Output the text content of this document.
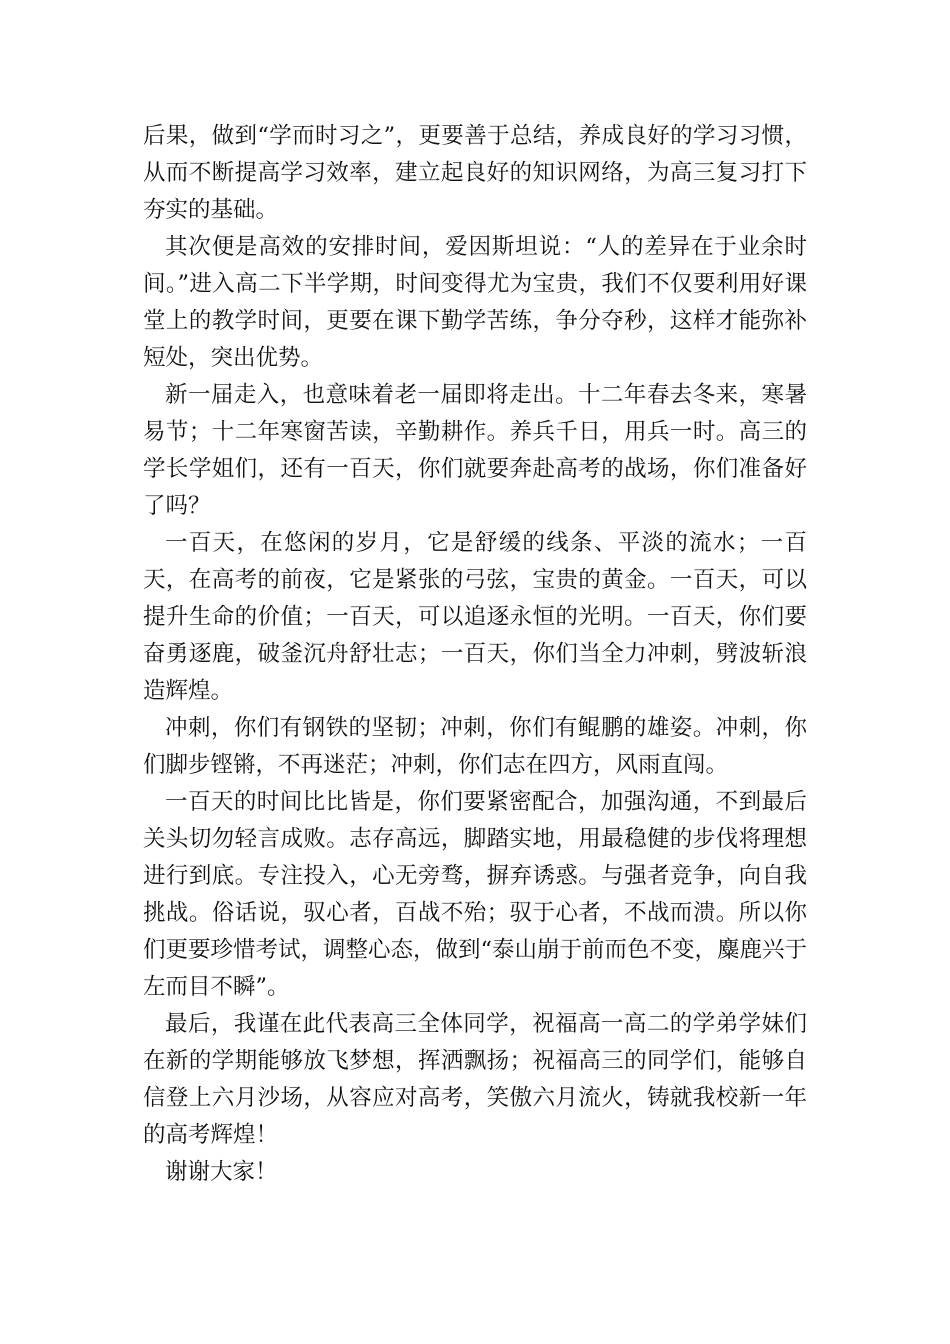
后果，做到“学而时习之”，更要善于总结，养成良好的学习习惯，从而不断提高学习效率，建立起良好的知识网络，为高三复习打下夯实的基础。

其次便是高效的安排时间，爱因斯坦说：“人的差异在于业余时间。”进入高二下半学期，时间变得尤为宝贵，我们不仅要利用好课堂上的教学时间，更要在课下勤学苦练，争分夺秒，这样才能弥补短处，突出优势。

新一届走入，也意味着老一届即将走出。十二年春去冬来，寒暑易节；十二年寒窗苦读，辛勤耕作。养兵千日，用兵一时。高三的学长学姐们，还有一百天，你们就要奔赴高考的战场，你们准备好了吗？

一百天，在悠闲的岁月，它是舒缓的线条、平淡的流水；一百天，在高考的前夜，它是紧张的弓弦，宝贵的黄金。一百天，可以提升生命的价值；一百天，可以追逐永恒的光明。一百天，你们要奋勇逐鹿，破釜沉舟舒壮志；一百天，你们当全力冲刺，劈波斩浪造辉煌。

冲刺，你们有钢铁的坚韧；冲刺，你们有鲲鹏的雄姿。冲刺，你们脚步铿锵，不再迷茫；冲刺，你们志在四方，风雨直闯。

一百天的时间比比皆是，你们要紧密配合，加强沟通，不到最后关头切勿轻言成败。志存高远，脚踏实地，用最稳健的步伐将理想进行到底。专注投入，心无旁骛，摒弃诱惑。与强者竞争，向自我挑战。俗话说，驭心者，百战不殆；驭于心者，不战而溃。所以你们更要珍惜考试，调整心态，做到“泰山崩于前而色不变，麋鹿兴于左而目不瞬”。

最后，我谨在此代表高三全体同学，祝福高一高二的学弟学妹们在新的学期能够放飞梦想，挥洒飘扬；祝福高三的同学们，能够自信登上六月沙场，从容应对高考，笑傲六月流火，铸就我校新一年的高考辉煌！

谢谢大家！
